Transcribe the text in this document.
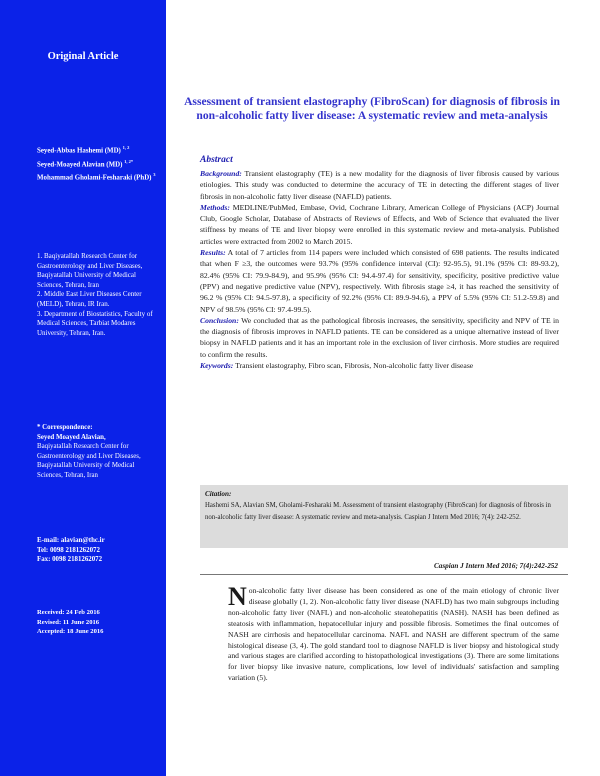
Original Article
Seyed-Abbas Hashemi (MD) $^{1, 2}$
Seyed-Moayed Alavian (MD) $^{1, 2*}$
Mohammad Gholami-Fesharaki (PhD) $^3$
1. Baqiyatallah Research Center for Gastroenterology and Liver Diseases, Baqiyatallah University of Medical Sciences, Tehran, Iran
2. Middle East Liver Diseases Center (MELD), Tehran, IR Iran.
3. Department of Biostatistics, Faculty of Medical Sciences, Tarbiat Modares University, Tehran, Iran.
* Correspondence:
Seyed Moayed Alavian,
Baqiyatallah Research Center for Gastroenterology and Liver Diseases, Baqiyatallah University of Medical Sciences, Tehran, Iran
E-mail: alavian@thc.ir
Tel: 0098 2181262072
Fax: 0098 2181262072
Received: 24 Feb 2016
Revised: 11 June 2016
Accepted: 18 June 2016
Assessment of transient elastography (FibroScan) for diagnosis of fibrosis in non-alcoholic fatty liver disease: A systematic review and meta-analysis
Abstract

Background: Transient elastography (TE) is a new modality for the diagnosis of liver fibrosis caused by various etiologies. This study was conducted to determine the accuracy of TE in detecting the different stages of liver fibrosis in non-alcoholic fatty liver disease (NAFLD) patients.

Methods: MEDLINE/PubMed, Embase, Ovid, Cochrane Library, American College of Physicians (ACP) Journal Club, Google Scholar, Database of Abstracts of Reviews of Effects, and Web of Science that evaluated the liver stiffness by means of TE and liver biopsy were enrolled in this systematic review and meta-analysis. Published articles were extracted from 2002 to March 2015.

Results: A total of 7 articles from 114 papers were included which consisted of 698 patients. The results indicated that when F ≥3, the outcomes were 93.7% (95% confidence interval (CI): 92-95.5), 91.1% (95% CI: 89-93.2), 82.4% (95% CI: 79.9-84.9), and 95.9% (95% CI: 94.4-97.4) for sensitivity, specificity, positive predictive value (PPV) and negative predictive value (NPV), respectively. With fibrosis stage ≥4, it has reached the sensitivity of 96.2 % (95% CI: 94.5-97.8), a specificity of 92.2% (95% CI: 89.9-94.6), a PPV of 5.5% (95% CI: 51.2-59.8) and NPV of 98.5% (95% CI: 97.4-99.5).

Conclusion: We concluded that as the pathological fibrosis increases, the sensitivity, specificity and NPV of TE in the diagnosis of fibrosis improves in NAFLD patients. TE can be considered as a unique alternative instead of liver biopsy in NAFLD patients and it has an important role in the exclusion of liver cirrhosis. More studies are required to confirm the results.

Keywords: Transient elastography, Fibro scan, Fibrosis, Non-alcoholic fatty liver disease

Citation:
Hashemi SA, Alavian SM, Gholami-Fesharaki M. Assessment of transient elastography (FibroScan) for diagnosis of fibrosis in non-alcoholic fatty liver disease: A systematic review and meta-analysis. Caspian J Intern Med 2016; 7(4): 242-252.
Caspian J Intern Med 2016; 7(4):242-252
Non-alcoholic fatty liver disease has been considered as one of the main etiology of chronic liver disease globally (1, 2). Non-alcoholic fatty liver disease (NAFLD) has two main subgroups including non-alcoholic fatty liver (NAFL) and non-alcoholic steatohepatitis (NASH). NASH has been defined as steatosis with inflammation, hepatocellular injury and possible fibrosis. Sometimes the final outcomes of NASH are cirrhosis and hepatocellular carcinoma. NAFL and NASH are different spectrum of the same histological disease (3, 4). The gold standard tool to diagnose NAFLD is liver biopsy and histological study and various stages are clarified according to histopathological investigations (3). There are some limitations for liver biopsy like invasive nature, complications, low level of individuals' satisfaction and sampling variation (5).
